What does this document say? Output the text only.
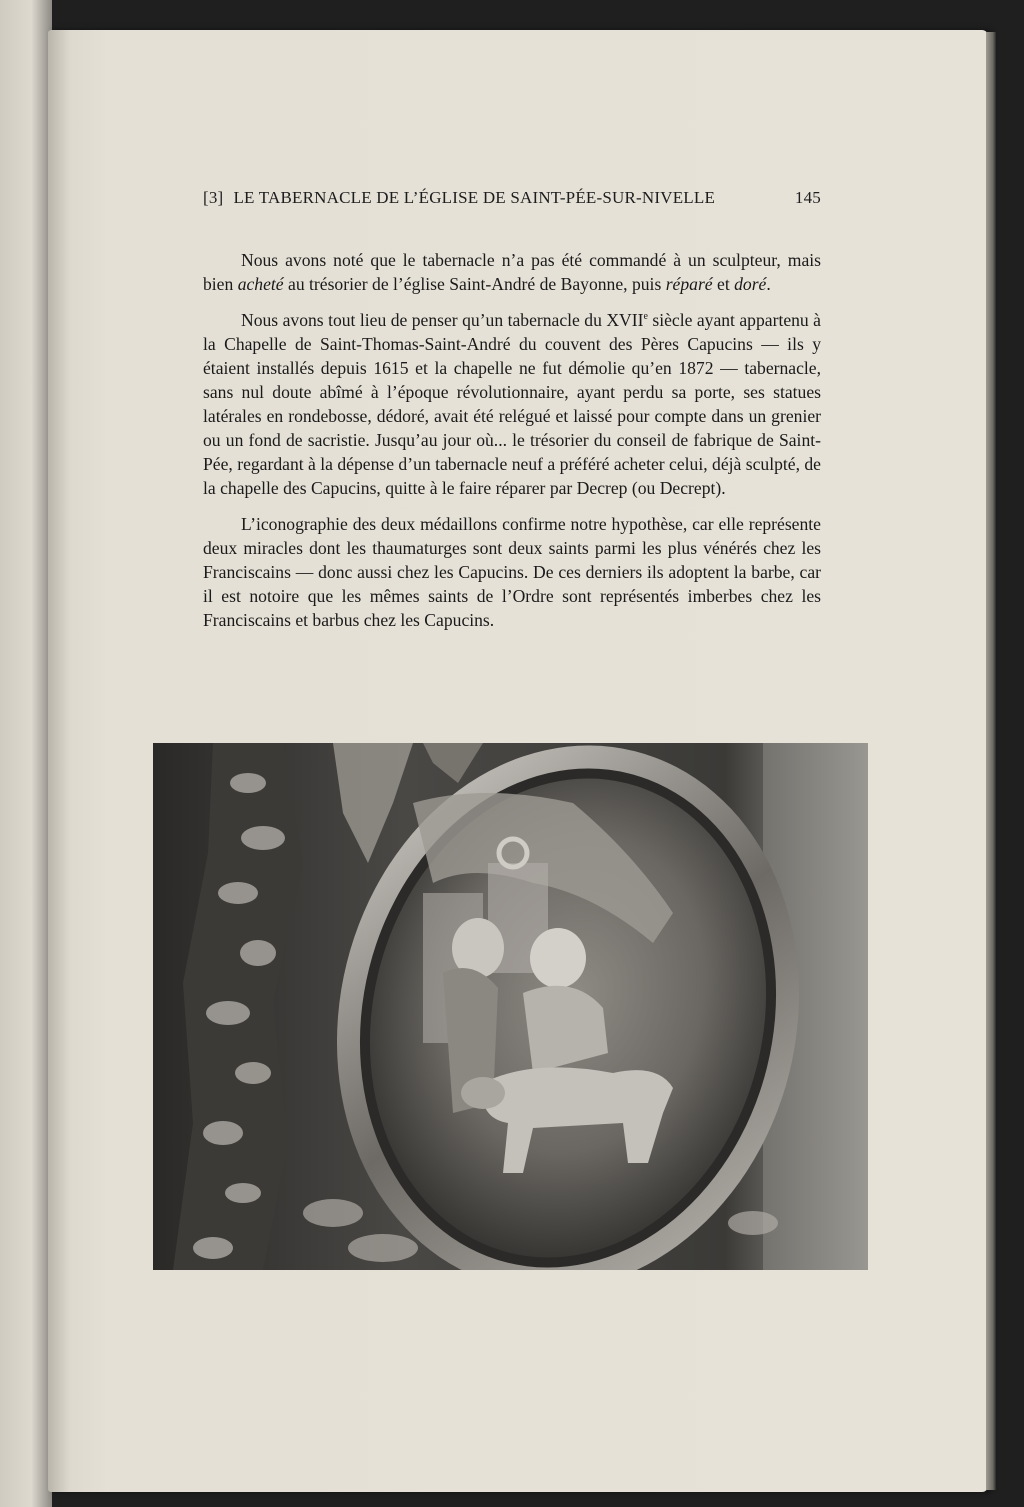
[3] LE TABERNACLE DE L’ÉGLISE DE SAINT-PÉE-SUR-NIVELLE	145

Nous avons noté que le tabernacle n’a pas été commandé à un sculpteur, mais bien acheté au trésorier de l’église Saint-André de Bayonne, puis réparé et doré.

Nous avons tout lieu de penser qu’un tabernacle du XVIIe siècle ayant appartenu à la Chapelle de Saint-Thomas-Saint-André du couvent des Pères Capucins — ils y étaient installés depuis 1615 et la chapelle ne fut démolie qu’en 1872 — tabernacle, sans nul doute abîmé à l’époque révolutionnaire, ayant perdu sa porte, ses statues latérales en rondebosse, dédoré, avait été relégué et laissé pour compte dans un grenier ou un fond de sacristie. Jusqu’au jour où... le trésorier du conseil de fabrique de Saint-Pée, regardant à la dépense d’un tabernacle neuf a préféré acheter celui, déjà sculpté, de la chapelle des Capucins, quitte à le faire réparer par Decrep (ou Decrept).

L’iconographie des deux médaillons confirme notre hypothèse, car elle représente deux miracles dont les thaumaturges sont deux saints parmi les plus vénérés chez les Franciscains — donc aussi chez les Capucins. De ces derniers ils adoptent la barbe, car il est notoire que les mêmes saints de l’Ordre sont représentés imberbes chez les Franciscains et barbus chez les Capucins.
